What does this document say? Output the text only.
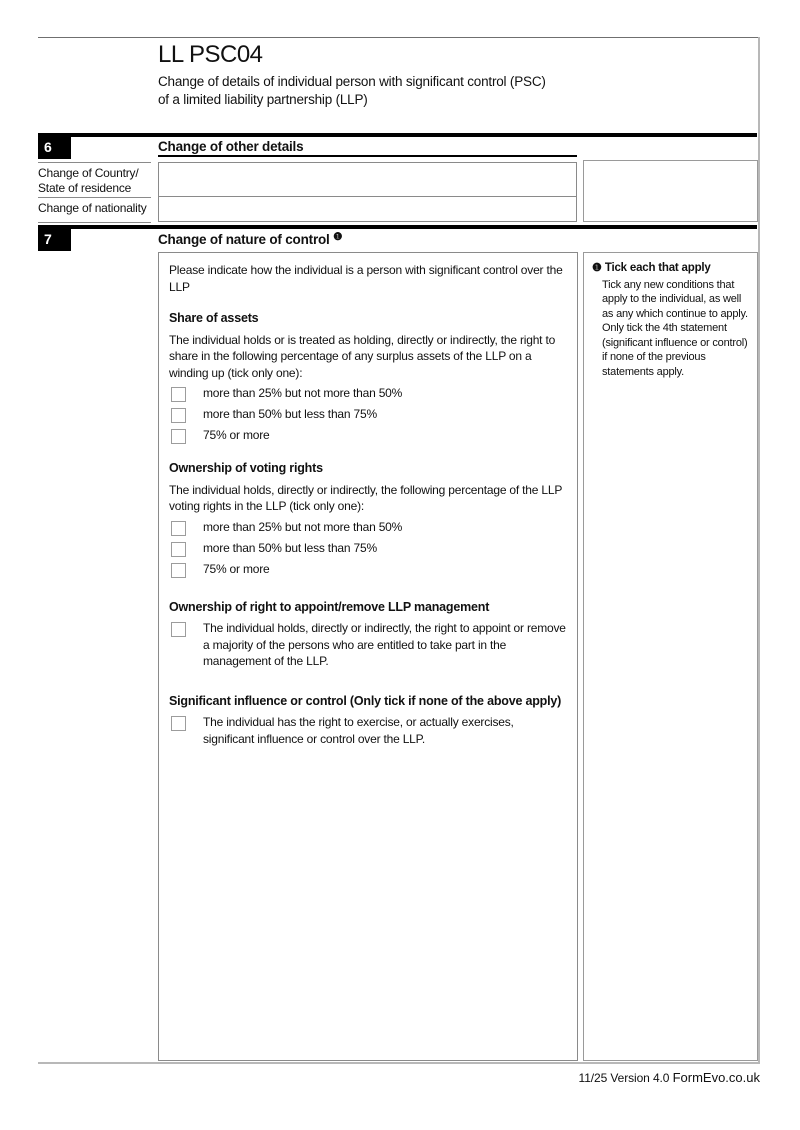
LL PSC04
Change of details of individual person with significant control (PSC)
of a limited liability partnership (LLP)
6	Change of other details
Change of Country/
State of residence
Change of nationality
7	Change of nature of control $^❶$

Please indicate how the individual is a person with significant control over the LLP

Share of assets

The individual holds or is treated as holding, directly or indirectly, the right to share in the following percentage of any surplus assets of the LLP on a winding up (tick only one):

more than 25% but not more than 50%
more than 50% but less than 75%
75% or more
Ownership of voting rights

The individual holds, directly or indirectly, the following percentage of the LLP voting rights in the LLP (tick only one):

more than 25% but not more than 50%
more than 50% but less than 75%
75% or more
Ownership of right to appoint/remove LLP management
The individual holds, directly or indirectly, the right to appoint or remove a majority of the persons who are entitled to take part in the management of the LLP.
Significant influence or control (Only tick if none of the above apply)
The individual has the right to exercise, or actually exercises, significant influence or control over the LLP.
❶ Tick each that apply
Tick any new conditions that apply to the individual, as well as any which continue to apply. Only tick the 4th statement (significant influence or control) if none of the previous statements apply.
11/25 Version 4.0 FormEvo.co.uk
